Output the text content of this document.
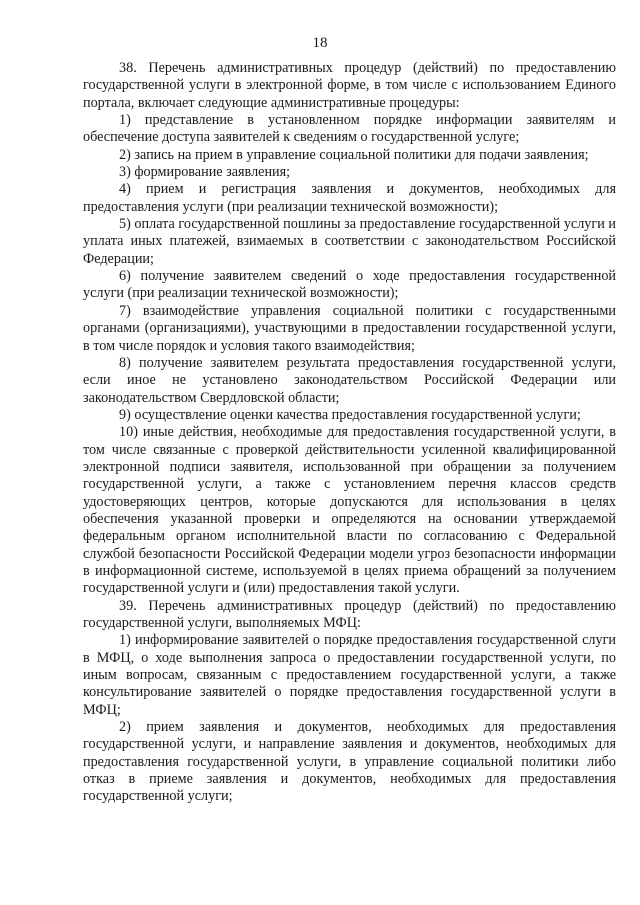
18

38. Перечень административных процедур (действий) по предоставлению государственной услуги в электронной форме, в том числе с использованием Единого портала, включает следующие административные процедуры:

1) представление в установленном порядке информации заявителям и обеспечение доступа заявителей к сведениям о государственной услуге;

2) запись на прием в управление социальной политики для подачи заявления;

3) формирование заявления;

4) прием и регистрация заявления и документов, необходимых для предоставления услуги (при реализации технической возможности);

5) оплата государственной пошлины за предоставление государственной услуги и уплата иных платежей, взимаемых в соответствии с законодательством Российской Федерации;

6) получение заявителем сведений о ходе предоставления государственной услуги (при реализации технической возможности);

7) взаимодействие управления социальной политики с государственными органами (организациями), участвующими в предоставлении государственной услуги, в том числе порядок и условия такого взаимодействия;

8) получение заявителем результата предоставления государственной услуги, если иное не установлено законодательством Российской Федерации или законодательством Свердловской области;

9) осуществление оценки качества предоставления государственной услуги;

10) иные действия, необходимые для предоставления государственной услуги, в том числе связанные с проверкой действительности усиленной квалифицированной электронной подписи заявителя, использованной при обращении за получением государственной услуги, а также с установлением перечня классов средств удостоверяющих центров, которые допускаются для использования в целях обеспечения указанной проверки и определяются на основании утверждаемой федеральным органом исполнительной власти по согласованию с Федеральной службой безопасности Российской Федерации модели угроз безопасности информации в информационной системе, используемой в целях приема обращений за получением государственной услуги и (или) предоставления такой услуги.

39. Перечень административных процедур (действий) по предоставлению государственной услуги, выполняемых МФЦ:

1) информирование заявителей о порядке предоставления государственной слуги в МФЦ, о ходе выполнения запроса о предоставлении государственной услуги, по иным вопросам, связанным с предоставлением государственной услуги, а также консультирование заявителей о порядке предоставления государственной услуги в МФЦ;

2) прием заявления и документов, необходимых для предоставления государственной услуги, и направление заявления и документов, необходимых для предоставления государственной услуги, в управление социальной политики либо отказ в приеме заявления и документов, необходимых для предоставления государственной услуги;
